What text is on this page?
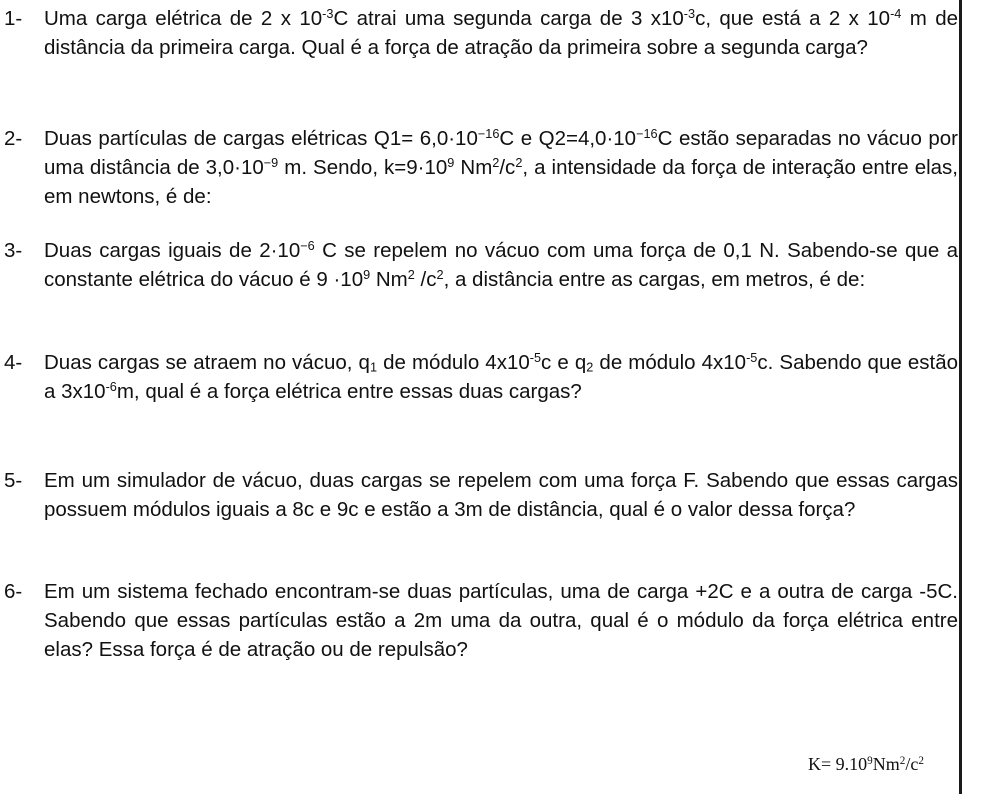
1- Uma carga elétrica de 2 x $10^{-3}C$ atrai uma segunda carga de 3 $x10^{-3}c$, que está a 2 x $10^{-4}$ m de distância da primeira carga. Qual é a força de atração da primeira sobre a segunda carga?
2- Duas partículas de cargas elétricas $Q1= 6,0\cdot 10^{-16}C$ e $Q2=4,0\cdot 10^{-16}C$ estão separadas no vácuo por uma distância de $3,0\cdot 10^{-9}$ m. Sendo, $k=9\cdot 10^9$ $Nm^2/c^2$, a intensidade da força de interação entre elas, em newtons, é de:
3- Duas cargas iguais de $2\cdot 10^{-6}$ C se repelem no vácuo com uma força de 0,1 N. Sabendo-se que a constante elétrica do vácuo é $9 \cdot 10^9$ Nm$^2$ $/c^2$, a distância entre as cargas, em metros, é de:
4- Duas cargas se atraem no vácuo, $q_1$ de módulo $4x10^{-5}c$ e $q_2$ de módulo $4x10^{-5}c$. Sabendo que estão a $3x10^{-6}m$, qual é a força elétrica entre essas duas cargas?
5- Em um simulador de vácuo, duas cargas se repelem com uma força F. Sabendo que essas cargas possuem módulos iguais a 8c e 9c e estão a 3m de distância, qual é o valor dessa força?
6- Em um sistema fechado encontram-se duas partículas, uma de carga +2C e a outra de carga -5C. Sabendo que essas partículas estão a 2m uma da outra, qual é o módulo da força elétrica entre elas? Essa força é de atração ou de repulsão?
$K= 9.10^9Nm^2/c^2$
